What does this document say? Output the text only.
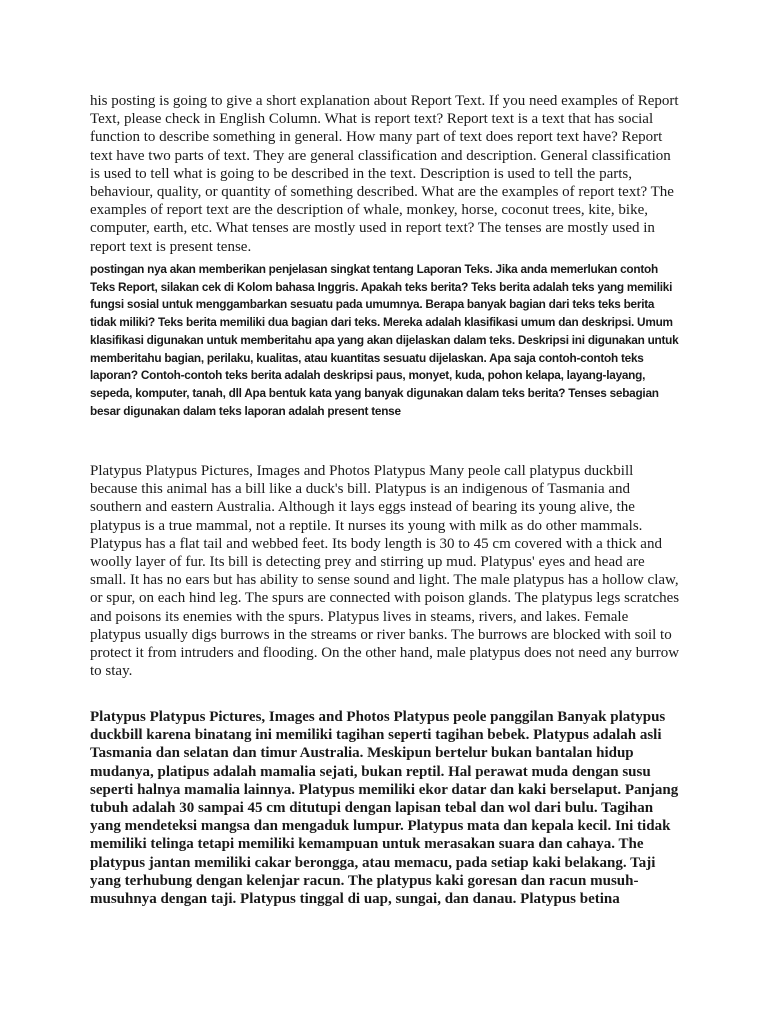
his posting is going to give a short explanation about Report Text. If you need examples of Report Text, please check in English Column. What is report text? Report text is a text that has social function to describe something in general. How many part of text does report text have? Report text have two parts of text. They are general classification and description. General classification is used to tell what is going to be described in the text. Description is used to tell the parts, behaviour, quality, or quantity of something described. What are the examples of report text? The examples of report text are the description of whale, monkey, horse, coconut trees, kite, bike, computer, earth, etc. What tenses are mostly used in report text? The tenses are mostly used in report text is present tense.

postingan nya akan memberikan penjelasan singkat tentang Laporan Teks. Jika anda memerlukan contoh Teks Report, silakan cek di Kolom bahasa Inggris. Apakah teks berita? Teks berita adalah teks yang memiliki fungsi sosial untuk menggambarkan sesuatu pada umumnya. Berapa banyak bagian dari teks teks berita tidak miliki? Teks berita memiliki dua bagian dari teks. Mereka adalah klasifikasi umum dan deskripsi. Umum klasifikasi digunakan untuk memberitahu apa yang akan dijelaskan dalam teks. Deskripsi ini digunakan untuk memberitahu bagian, perilaku, kualitas, atau kuantitas sesuatu dijelaskan. Apa saja contoh-contoh teks laporan? Contoh-contoh teks berita adalah deskripsi paus, monyet, kuda, pohon kelapa, layang-layang, sepeda, komputer, tanah, dll Apa bentuk kata yang banyak digunakan dalam teks berita? Tenses sebagian besar digunakan dalam teks laporan adalah present tense

Platypus Platypus Pictures, Images and Photos Platypus Many peole call platypus duckbill because this animal has a bill like a duck's bill. Platypus is an indigenous of Tasmania and southern and eastern Australia. Although it lays eggs instead of bearing its young alive, the platypus is a true mammal, not a reptile. It nurses its young with milk as do other mammals. Platypus has a flat tail and webbed feet. Its body length is 30 to 45 cm covered with a thick and woolly layer of fur. Its bill is detecting prey and stirring up mud. Platypus' eyes and head are small. It has no ears but has ability to sense sound and light. The male platypus has a hollow claw, or spur, on each hind leg. The spurs are connected with poison glands. The platypus legs scratches and poisons its enemies with the spurs. Platypus lives in steams, rivers, and lakes. Female platypus usually digs burrows in the streams or river banks. The burrows are blocked with soil to protect it from intruders and flooding. On the other hand, male platypus does not need any burrow to stay.

Platypus Platypus Pictures, Images and Photos Platypus peole panggilan Banyak platypus duckbill karena binatang ini memiliki tagihan seperti tagihan bebek. Platypus adalah asli Tasmania dan selatan dan timur Australia. Meskipun bertelur bukan bantalan hidup mudanya, platipus adalah mamalia sejati, bukan reptil. Hal perawat muda dengan susu seperti halnya mamalia lainnya. Platypus memiliki ekor datar dan kaki berselaput. Panjang tubuh adalah 30 sampai 45 cm ditutupi dengan lapisan tebal dan wol dari bulu. Tagihan yang mendeteksi mangsa dan mengaduk lumpur. Platypus mata dan kepala kecil. Ini tidak memiliki telinga tetapi memiliki kemampuan untuk merasakan suara dan cahaya. The platypus jantan memiliki cakar berongga, atau memacu, pada setiap kaki belakang. Taji yang terhubung dengan kelenjar racun. The platypus kaki goresan dan racun musuh-musuhnya dengan taji. Platypus tinggal di uap, sungai, dan danau. Platypus betina
